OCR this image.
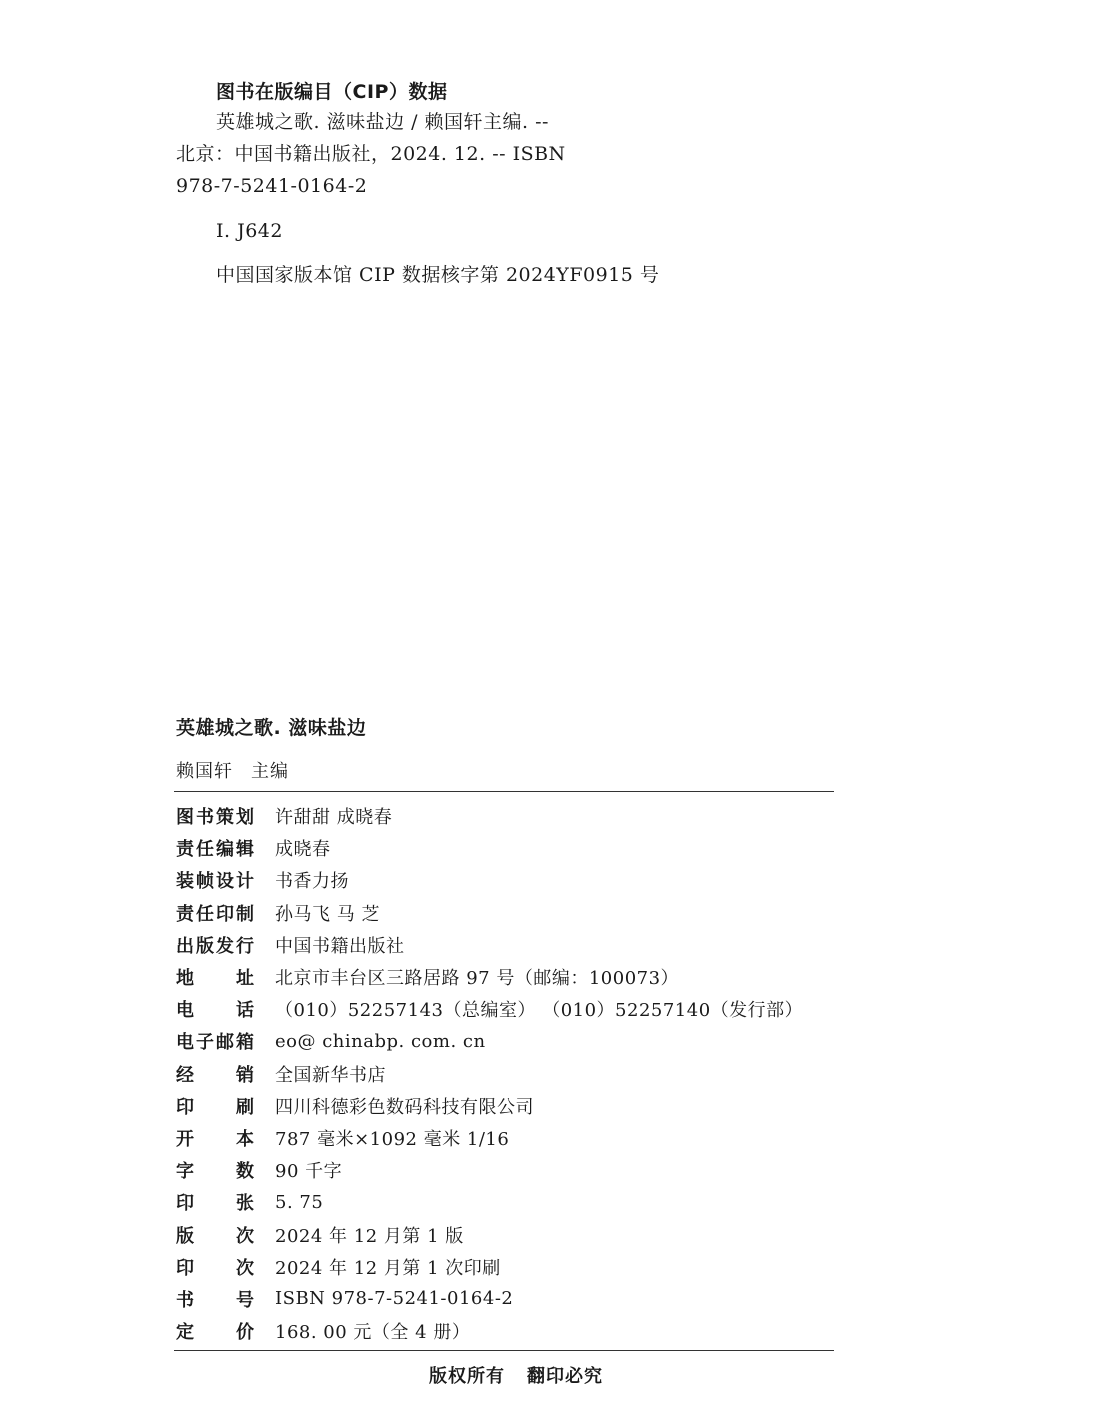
图书在版编目（CIP）数据
英雄城之歌. 滋味盐边 / 赖国轩主编. --
北京：中国书籍出版社，2024. 12. -- ISBN
978-7-5241-0164-2
Ⅰ. J642
中国国家版本馆 CIP 数据核字第 2024YF0915 号
英雄城之歌. 滋味盐边
赖国轩 主编
图 书 策 划 许甜甜 成晓春
责 任 编 辑 成晓春
装 帧 设 计 书香力扬
责 任 印 制 孙马飞 马 芝
出 版 发 行 中国书籍出版社
地 址 北京市丰台区三路居路 97 号（邮编：100073）
电 话 （010）52257143（总编室） （010）52257140（发行部）
电 子 邮 箱 eo@ chinabp. com. cn
经 销 全国新华书店
印 刷 四川科德彩色数码科技有限公司
开 本 787 毫米×1092 毫米 1/16
字 数 90 千字
印 张 5. 75
版 次 2024 年 12 月第 1 版
印 次 2024 年 12 月第 1 次印刷
书 号 ISBN 978-7-5241-0164-2
定 价 168. 00 元（全 4 册）
版权所有 翻印必究
